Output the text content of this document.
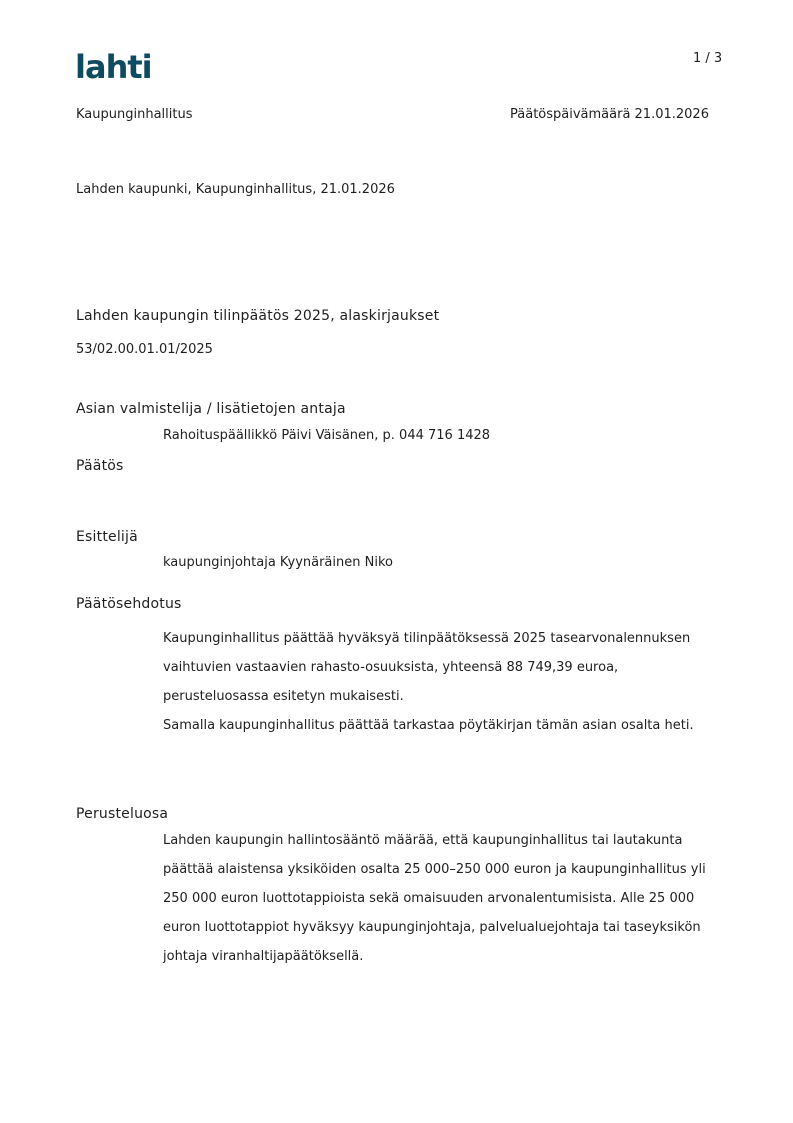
lahti	1 / 3
Kaupunginhallitus	Päätöspäivämäärä 21.01.2026
Lahden kaupunki, Kaupunginhallitus, 21.01.2026
Lahden kaupungin tilinpäätös 2025, alaskirjaukset
53/02.00.01.01/2025
Asian valmistelija / lisätietojen antaja
Rahoituspäällikkö Päivi Väisänen, p. 044 716 1428
Päätös
Esittelijä
kaupunginjohtaja Kyynäräinen Niko
Päätösehdotus
Kaupunginhallitus päättää hyväksyä tilinpäätöksessä 2025 tasearvonalennuksen
vaihtuvien vastaavien rahasto-osuuksista, yhteensä 88 749,39 euroa,
perusteluosassa esitetyn mukaisesti.
Samalla kaupunginhallitus päättää tarkastaa pöytäkirjan tämän asian osalta heti.
Perusteluosa
Lahden kaupungin hallintosääntö määrää, että kaupunginhallitus tai lautakunta
päättää alaistensa yksiköiden osalta 25 000–250 000 euron ja kaupunginhallitus yli
250 000 euron luottotappioista sekä omaisuuden arvonalentumisista. Alle 25 000
euron luottotappiot hyväksyy kaupunginjohtaja, palvelualuejohtaja tai taseyksikön
johtaja viranhaltijapäätöksellä.
